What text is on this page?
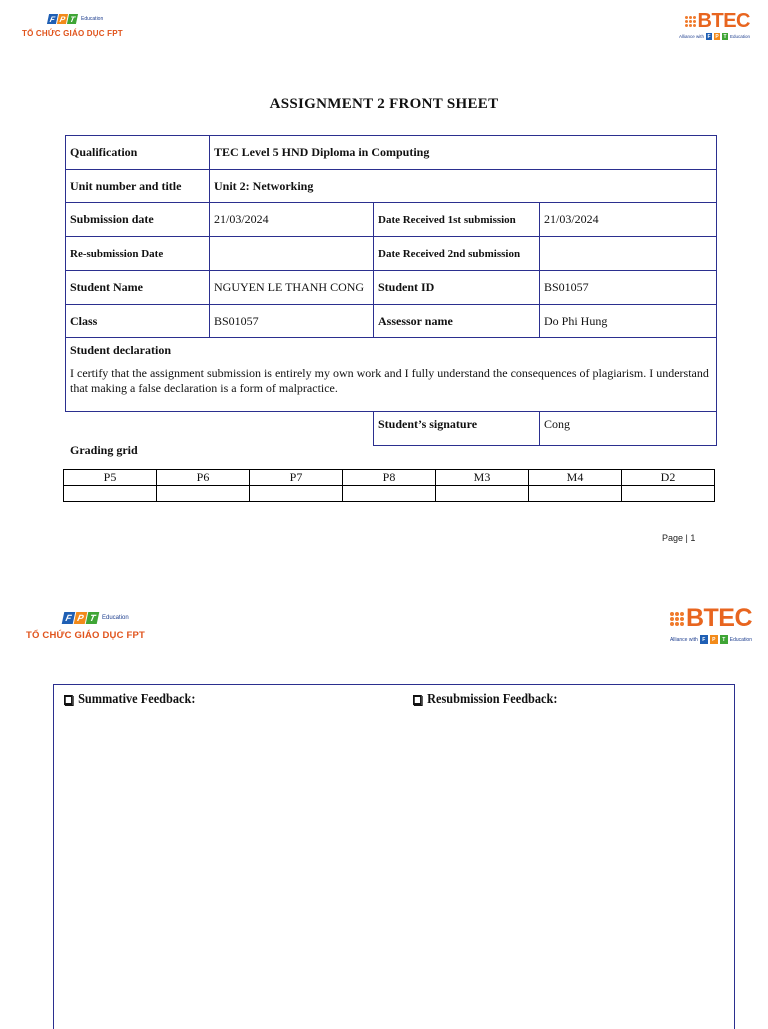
F P T	Education
TỔ CHỨC GIÁO DỤC FPT
BTEC
Alliance with F P T Education
ASSIGNMENT 2 FRONT SHEET
Qualification	TEC Level 5 HND Diploma in Computing		
Unit number and title	Unit 2: Networking		
Submission date	21/03/2024	Date Received 1st submission	21/03/2024
Re-submission Date		Date Received 2nd submission	
Student Name	NGUYEN LE THANH CONG	Student ID	BS01057
Class	BS01057	Assessor name	Do Phi Hung

Student declaration
I certify that the assignment submission is entirely my own work and I fully understand the consequences of plagiarism. I understand that making a false declaration is a form of malpractice.			

		Student’s signature	Cong
Grading grid
P5	P6	P7	P8	M3	M4	D2

Page | 1
F P T Education
TỔ CHỨC GIÁO DỤC FPT
BTEC
Alliance with F	P	T Education
Summative Feedback:	Resubmission Feedback:
